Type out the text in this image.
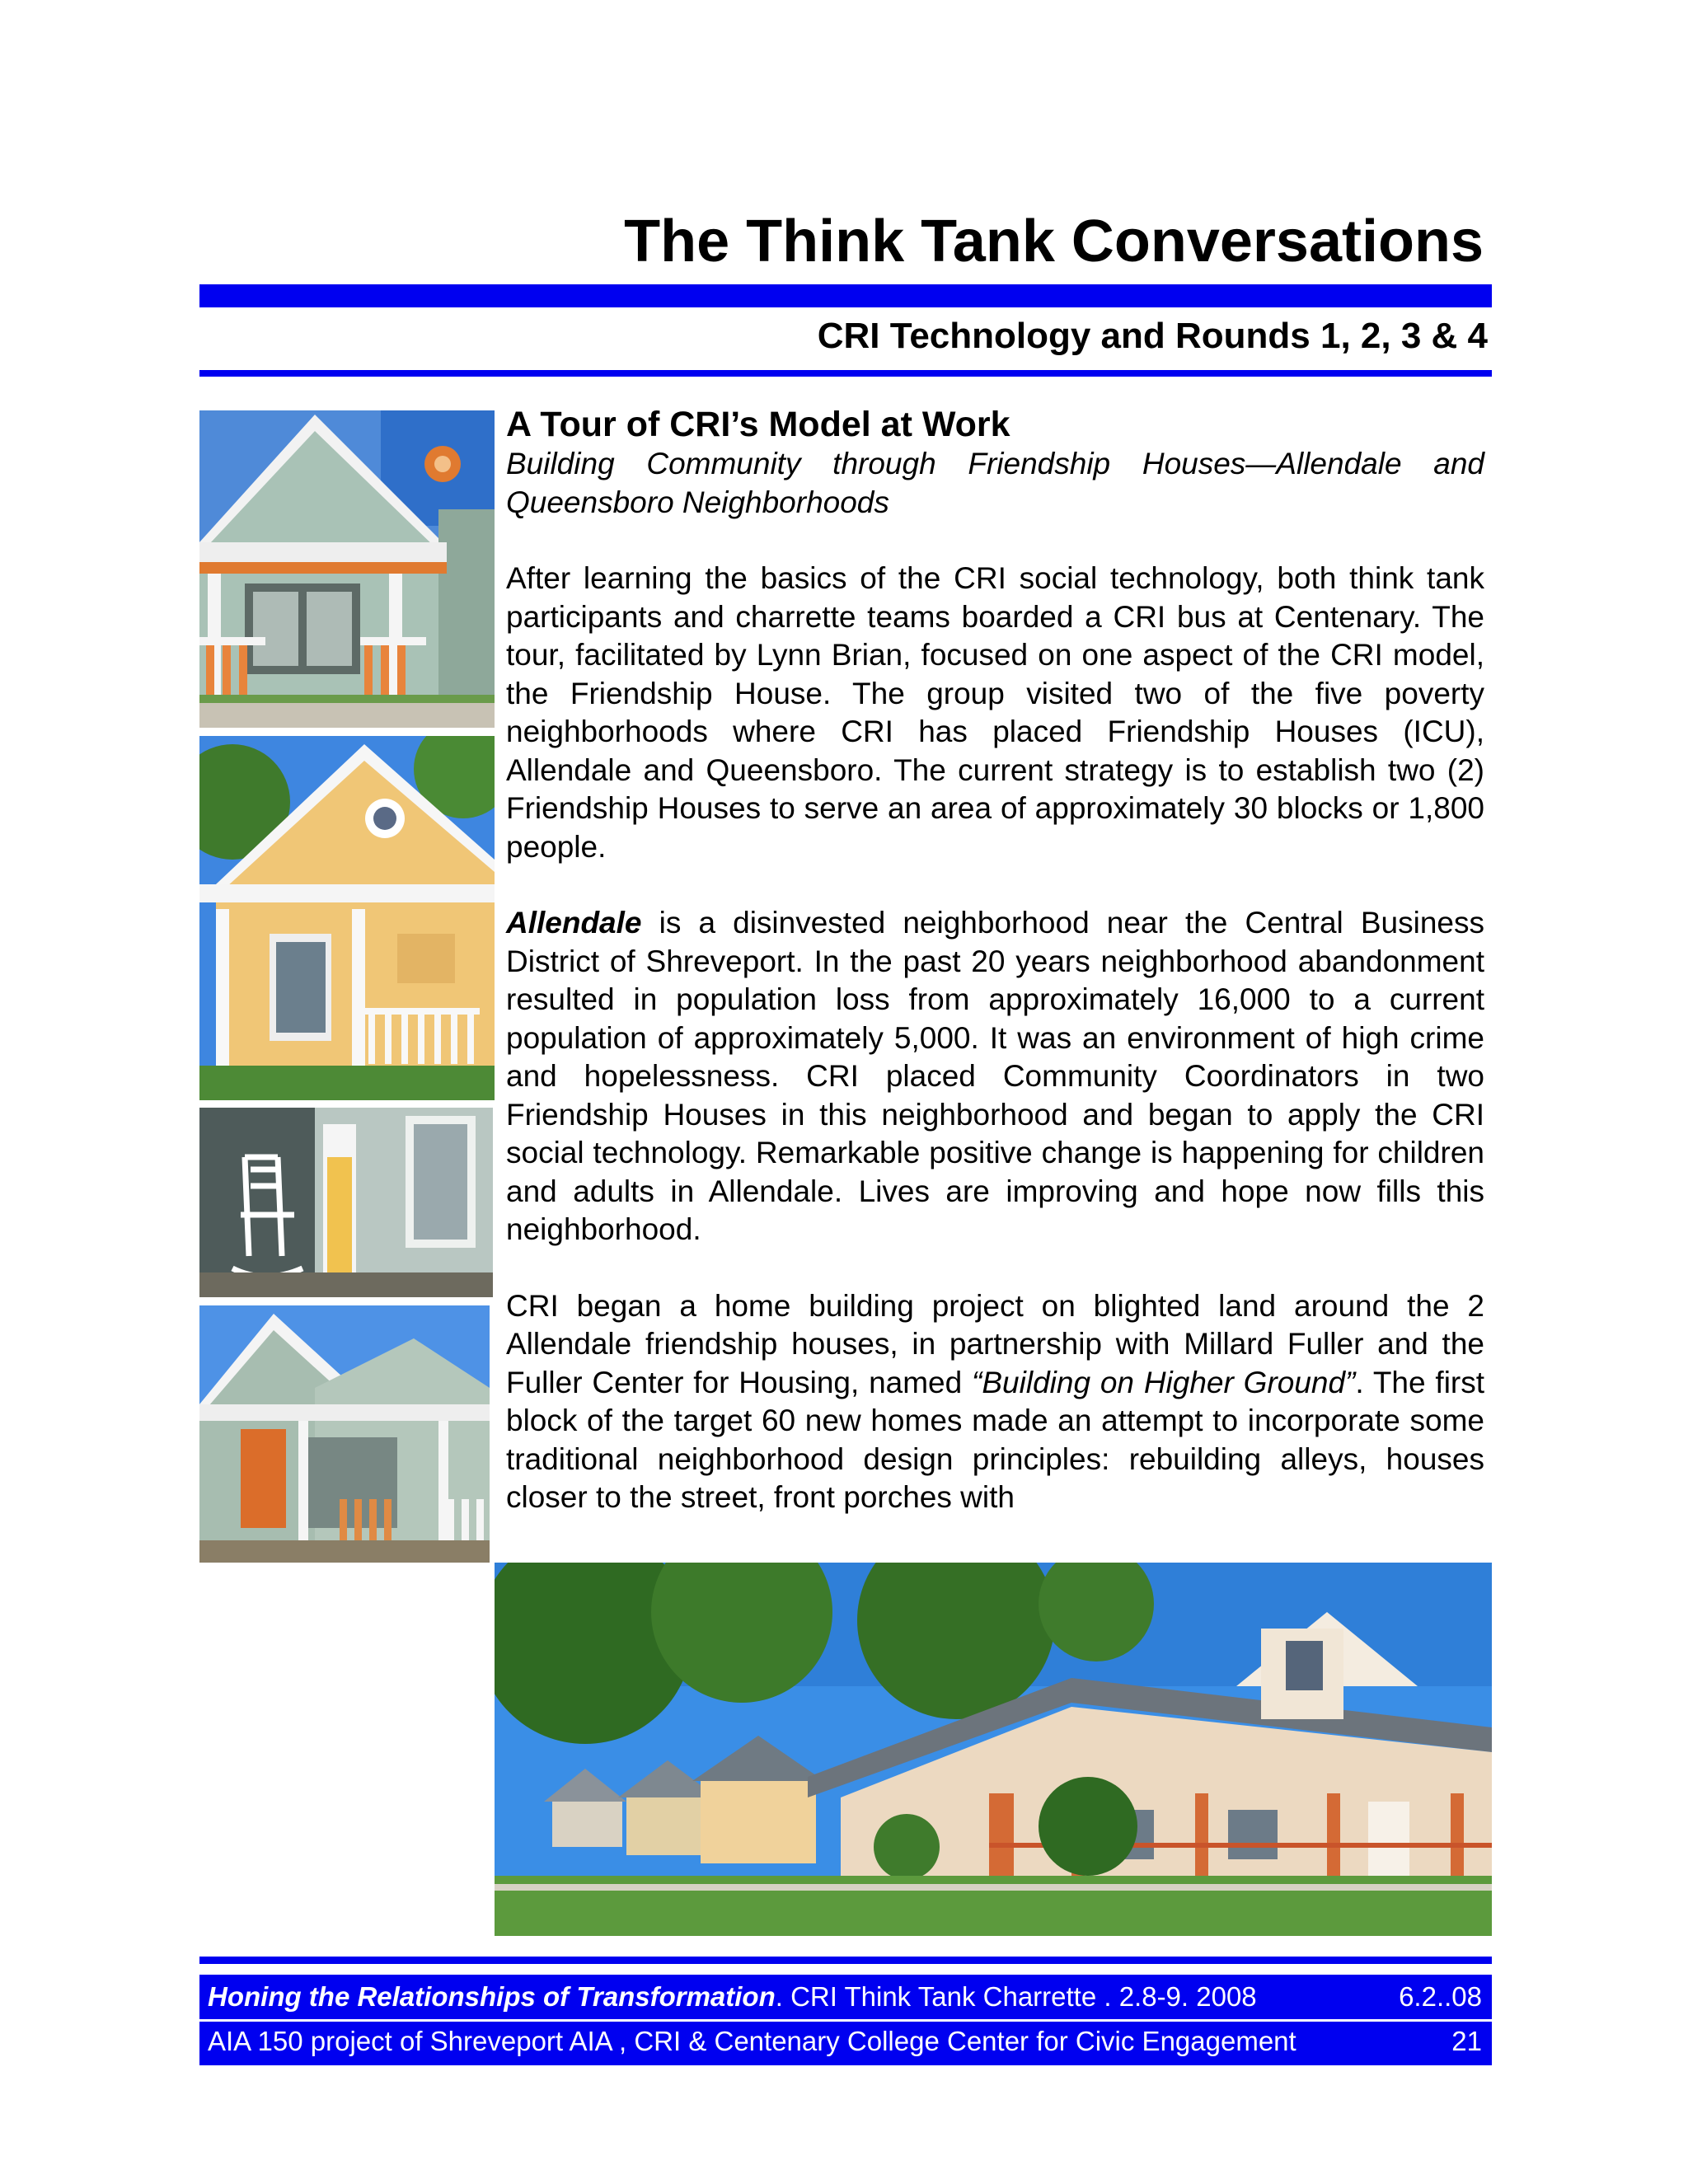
The Think Tank Conversations
CRI Technology and Rounds 1, 2, 3 & 4
A Tour of CRI’s Model at Work
Building Community through Friendship Houses—Allendale and Queensboro Neighborhoods

After learning the basics of the CRI social technology, both think tank participants and charrette teams boarded a CRI bus at Centenary. The tour, facilitated by Lynn Brian, focused on one aspect of the CRI model, the Friendship House. The group visited two of the five poverty neighborhoods where CRI has placed Friendship Houses (ICU), Allendale and Queensboro. The current strategy is to establish two (2) Friendship Houses to serve an area of approximately 30 blocks or 1,800 people.

Allendale is a disinvested neighborhood near the Central Business District of Shreveport. In the past 20 years neighborhood abandonment resulted in population loss from approximately 16,000 to a current population of approximately 5,000. It was an environment of high crime and hopelessness. CRI placed Community Coordinators in two Friendship Houses in this neighborhood and began to apply the CRI social technology. Remarkable positive change is happening for children and adults in Allendale. Lives are improving and hope now fills this neighborhood.

CRI began a home building project on blighted land around the 2 Allendale friendship houses, in partnership with Millard Fuller and the Fuller Center for Housing, named “Building on Higher Ground”. The first block of the target 60 new homes made an attempt to incorporate some traditional neighborhood design principles: rebuilding alleys, houses closer to the street, front porches with

Honing the Relationships of Transformation. CRI Think Tank Charrette . 2.8-9. 2008	6.2..08
AIA 150 project of Shreveport AIA , CRI & Centenary College Center for Civic Engagement	21
